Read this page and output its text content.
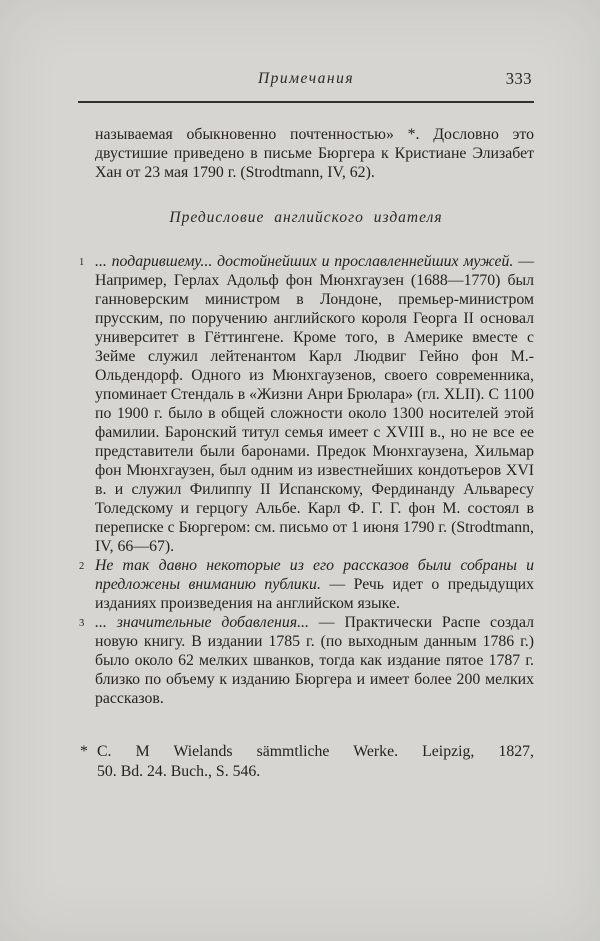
Примечания	333

называемая обыкновенно почтенностью» *. Дословно это двустишие приведено в письме Бюргера к Кристиане Элизабет Хан от 23 мая 1790 г. (Strodtmann, IV, 62).

Предисловие английского издателя
1 ... подарившему... достойнейших и прославленнейших мужей. — Например, Герлах Адольф фон Мюнхгаузен (1688—1770) был ганноверским министром в Лондоне, премьер-министром прусским, по поручению английского короля Георга II основал университет в Гёттингене. Кроме того, в Америке вместе с Зейме служил лейтенантом Карл Людвиг Гейно фон М.-Ольдендорф. Одного из Мюнхгаузенов, своего современника, упоминает Стендаль в «Жизни Анри Брюлара» (гл. XLII). С 1100 по 1900 г. было в общей сложности около 1300 носителей этой фамилии. Баронский титул семья имеет с XVIII в., но не все ее представители были баронами. Предок Мюнхгаузена, Хильмар фон Мюнхгаузен, был одним из известнейших кондотьеров XVI в. и служил Филиппу II Испанскому, Фердинанду Альваресу Толедскому и герцогу Альбе. Карл Ф. Г. Г. фон М. состоял в переписке с Бюргером: см. письмо от 1 июня 1790 г. (Strodtmann, IV, 66—67).
2 Не так давно некоторые из его рассказов были собраны и предложены вниманию публики. — Речь идет о предыдущих изданиях произведения на английском языке.
3 ... значительные добавления... — Практически Распе создал новую книгу. В издании 1785 г. (по выходным данным 1786 г.) было около 62 мелких шванков, тогда как издание пятое 1787 г. близко по объему к изданию Бюргера и имеет более 200 мелких рассказов.
* C. M Wielands sämmtliche Werke. Leipzig, 1827,
50. Bd. 24. Buch., S. 546.
